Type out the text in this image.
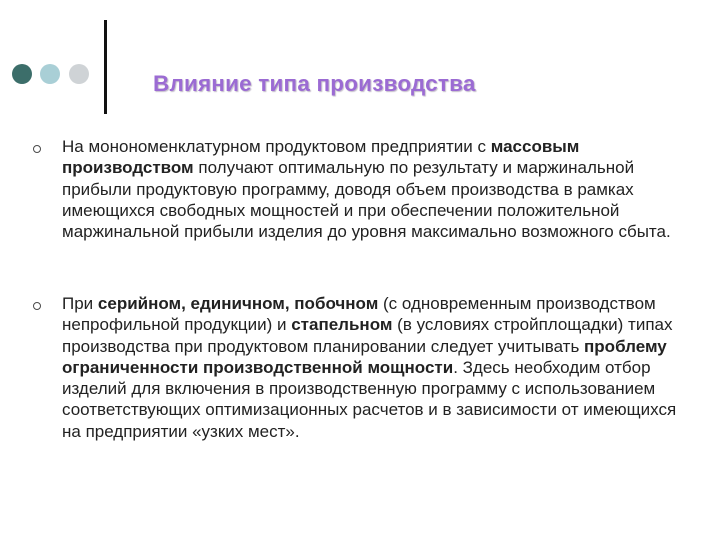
Влияние типа производства
На монономенклатурном продуктовом предприятии с массовым производством получают оптимальную по результату и маржинальной прибыли продуктовую программу, доводя объем производства в рамках имеющихся свободных мощностей и при обеспечении положительной маржинальной прибыли изделия до уровня максимально возможного сбыта.
При серийном, единичном, побочном (с одновременным производством непрофильной продукции) и стапельном (в условиях стройплощадки) типах производства при продуктовом планировании следует учитывать проблему ограниченности производственной мощности. Здесь необходим отбор изделий для включения в производственную программу с использованием соответствующих оптимизационных расчетов и в зависимости от имеющихся на предприятии «узких мест».
